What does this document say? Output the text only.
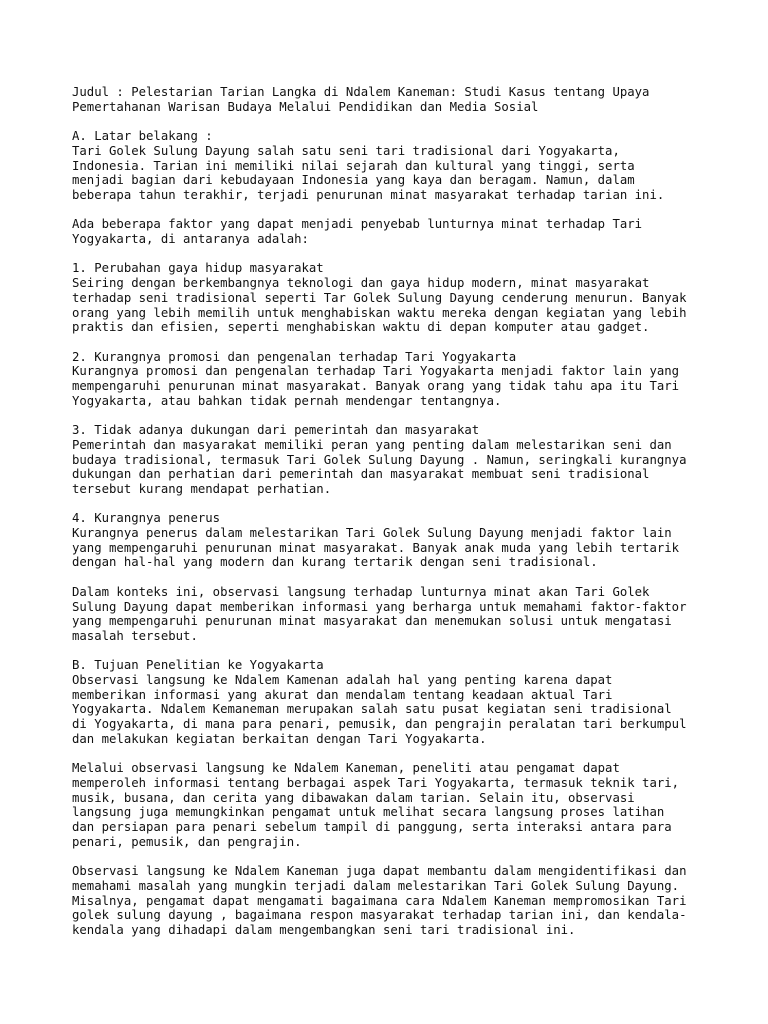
Judul : Pelestarian Tarian Langka di Ndalem Kaneman: Studi Kasus tentang Upaya
Pemertahanan Warisan Budaya Melalui Pendidikan dan Media Sosial
A. Latar belakang :
Tari Golek Sulung Dayung salah satu seni tari tradisional dari Yogyakarta,
Indonesia. Tarian ini memiliki nilai sejarah dan kultural yang tinggi, serta
menjadi bagian dari kebudayaan Indonesia yang kaya dan beragam. Namun, dalam
beberapa tahun terakhir, terjadi penurunan minat masyarakat terhadap tarian ini.
Ada beberapa faktor yang dapat menjadi penyebab lunturnya minat terhadap Tari
Yogyakarta, di antaranya adalah:
1. Perubahan gaya hidup masyarakat
Seiring dengan berkembangnya teknologi dan gaya hidup modern, minat masyarakat
terhadap seni tradisional seperti Tar Golek Sulung Dayung cenderung menurun. Banyak
orang yang lebih memilih untuk menghabiskan waktu mereka dengan kegiatan yang lebih
praktis dan efisien, seperti menghabiskan waktu di depan komputer atau gadget.
2. Kurangnya promosi dan pengenalan terhadap Tari Yogyakarta
Kurangnya promosi dan pengenalan terhadap Tari Yogyakarta menjadi faktor lain yang
mempengaruhi penurunan minat masyarakat. Banyak orang yang tidak tahu apa itu Tari
Yogyakarta, atau bahkan tidak pernah mendengar tentangnya.
3. Tidak adanya dukungan dari pemerintah dan masyarakat
Pemerintah dan masyarakat memiliki peran yang penting dalam melestarikan seni dan
budaya tradisional, termasuk Tari Golek Sulung Dayung . Namun, seringkali kurangnya
dukungan dan perhatian dari pemerintah dan masyarakat membuat seni tradisional
tersebut kurang mendapat perhatian.
4. Kurangnya penerus
Kurangnya penerus dalam melestarikan Tari Golek Sulung Dayung menjadi faktor lain
yang mempengaruhi penurunan minat masyarakat. Banyak anak muda yang lebih tertarik
dengan hal-hal yang modern dan kurang tertarik dengan seni tradisional.
Dalam konteks ini, observasi langsung terhadap lunturnya minat akan Tari Golek
Sulung Dayung dapat memberikan informasi yang berharga untuk memahami faktor-faktor
yang mempengaruhi penurunan minat masyarakat dan menemukan solusi untuk mengatasi
masalah tersebut.
B. Tujuan Penelitian ke Yogyakarta
Observasi langsung ke Ndalem Kamenan adalah hal yang penting karena dapat
memberikan informasi yang akurat dan mendalam tentang keadaan aktual Tari
Yogyakarta. Ndalem Kemaneman merupakan salah satu pusat kegiatan seni tradisional
di Yogyakarta, di mana para penari, pemusik, dan pengrajin peralatan tari berkumpul
dan melakukan kegiatan berkaitan dengan Tari Yogyakarta.
Melalui observasi langsung ke Ndalem Kaneman, peneliti atau pengamat dapat
memperoleh informasi tentang berbagai aspek Tari Yogyakarta, termasuk teknik tari,
musik, busana, dan cerita yang dibawakan dalam tarian. Selain itu, observasi
langsung juga memungkinkan pengamat untuk melihat secara langsung proses latihan
dan persiapan para penari sebelum tampil di panggung, serta interaksi antara para
penari, pemusik, dan pengrajin.
Observasi langsung ke Ndalem Kaneman juga dapat membantu dalam mengidentifikasi dan
memahami masalah yang mungkin terjadi dalam melestarikan Tari Golek Sulung Dayung.
Misalnya, pengamat dapat mengamati bagaimana cara Ndalem Kaneman mempromosikan Tari
golek sulung dayung , bagaimana respon masyarakat terhadap tarian ini, dan kendala-
kendala yang dihadapi dalam mengembangkan seni tari tradisional ini.
